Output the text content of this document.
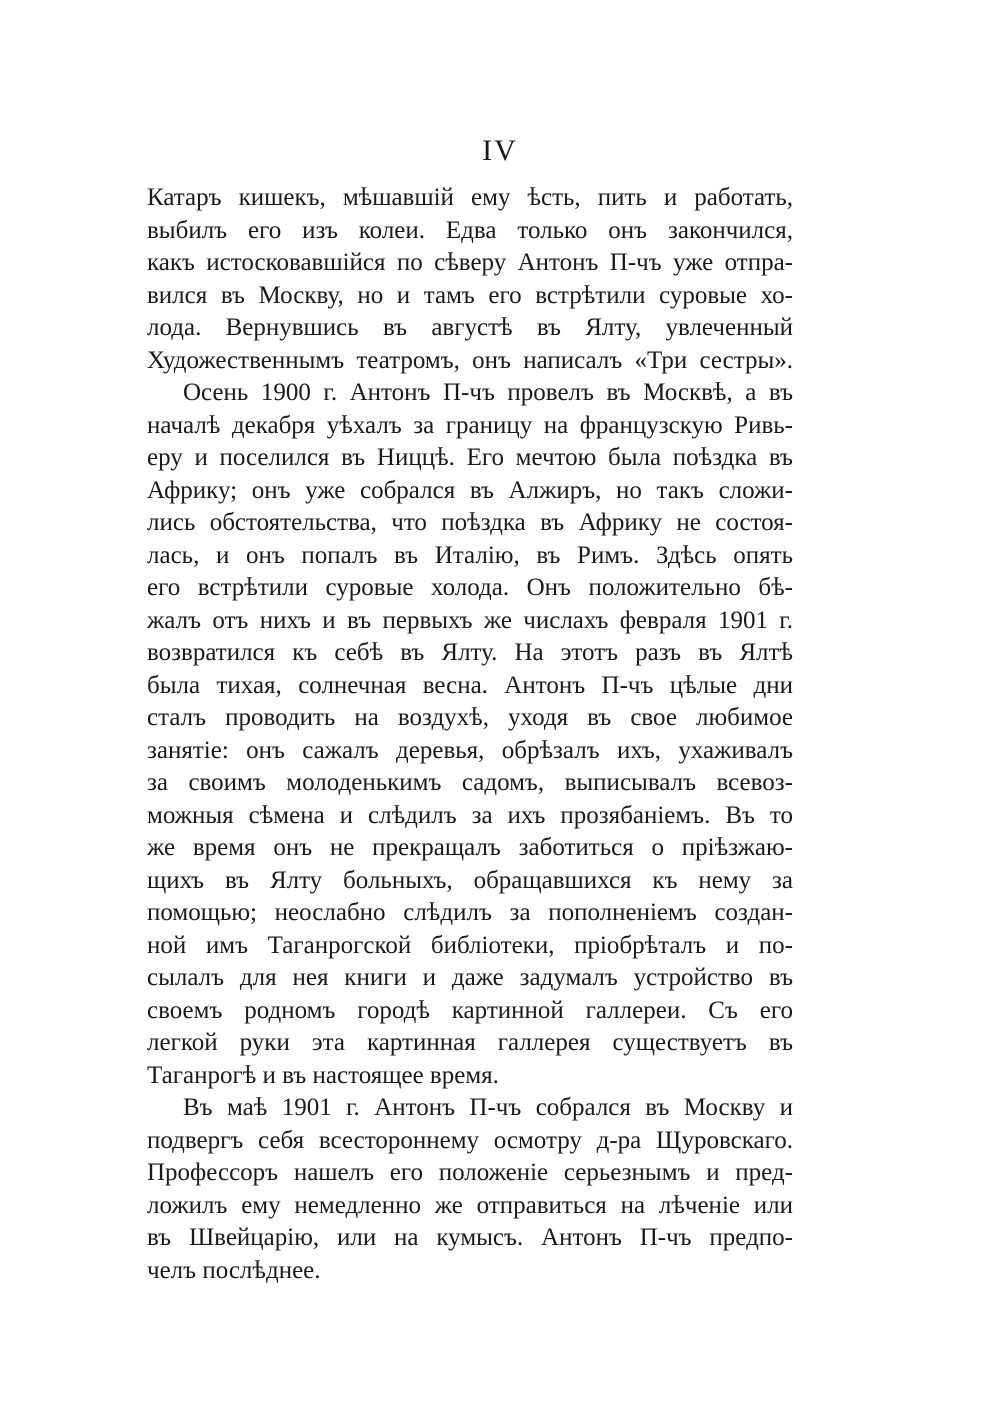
IV
Катаръ кишекъ, мѣшавшій ему ѣсть, пить и работать,
выбилъ его изъ колеи. Едва только онъ закончился,
какъ истосковавшійся по сѣверу Антонъ П-чъ уже отпра-
вился въ Москву, но и тамъ его встрѣтили суровые хо-
лода. Вернувшись въ августѣ въ Ялту, увлеченный
Художественнымъ театромъ, онъ написалъ «Три сестры».
Осень 1900 г. Антонъ П-чъ провелъ въ Москвѣ, а въ
началѣ декабря уѣхалъ за границу на французскую Ривь-
еру и поселился въ Ниццѣ. Его мечтою была поѣздка въ
Африку; онъ уже собрался въ Алжиръ, но такъ сложи-
лись обстоятельства, что поѣздка въ Африку не состоя-
лась, и онъ попалъ въ Италію, въ Римъ. Здѣсь опять
его встрѣтили суровые холода. Онъ положительно бѣ-
жалъ отъ нихъ и въ первыхъ же числахъ февраля 1901 г.
возвратился къ себѣ въ Ялту. На этотъ разъ въ Ялтѣ
была тихая, солнечная весна. Антонъ П-чъ цѣлые дни
сталъ проводить на воздухѣ, уходя въ свое любимое
занятіе: онъ сажалъ деревья, обрѣзалъ ихъ, ухаживалъ
за своимъ молоденькимъ садомъ, выписывалъ всевоз-
можныя сѣмена и слѣдилъ за ихъ прозябаніемъ. Въ то
же время онъ не прекращалъ заботиться о пріѣзжаю-
щихъ въ Ялту больныхъ, обращавшихся къ нему за
помощью; неослабно слѣдилъ за пополненіемъ создан-
ной имъ Таганрогской библіотеки, пріобрѣталъ и по-
сылалъ для нея книги и даже задумалъ устройство въ
своемъ родномъ городѣ картинной галлереи. Съ его
легкой руки эта картинная галлерея существуетъ въ
Таганрогѣ и въ настоящее время.
Въ маѣ 1901 г. Антонъ П-чъ собрался въ Москву и
подвергъ себя всестороннему осмотру д-ра Щуровскаго.
Профессоръ нашелъ его положеніе серьезнымъ и пред-
ложилъ ему немедленно же отправиться на лѣченіе или
въ Швейцарію, или на кумысъ. Антонъ П-чъ предпо-
челъ послѣднее.
